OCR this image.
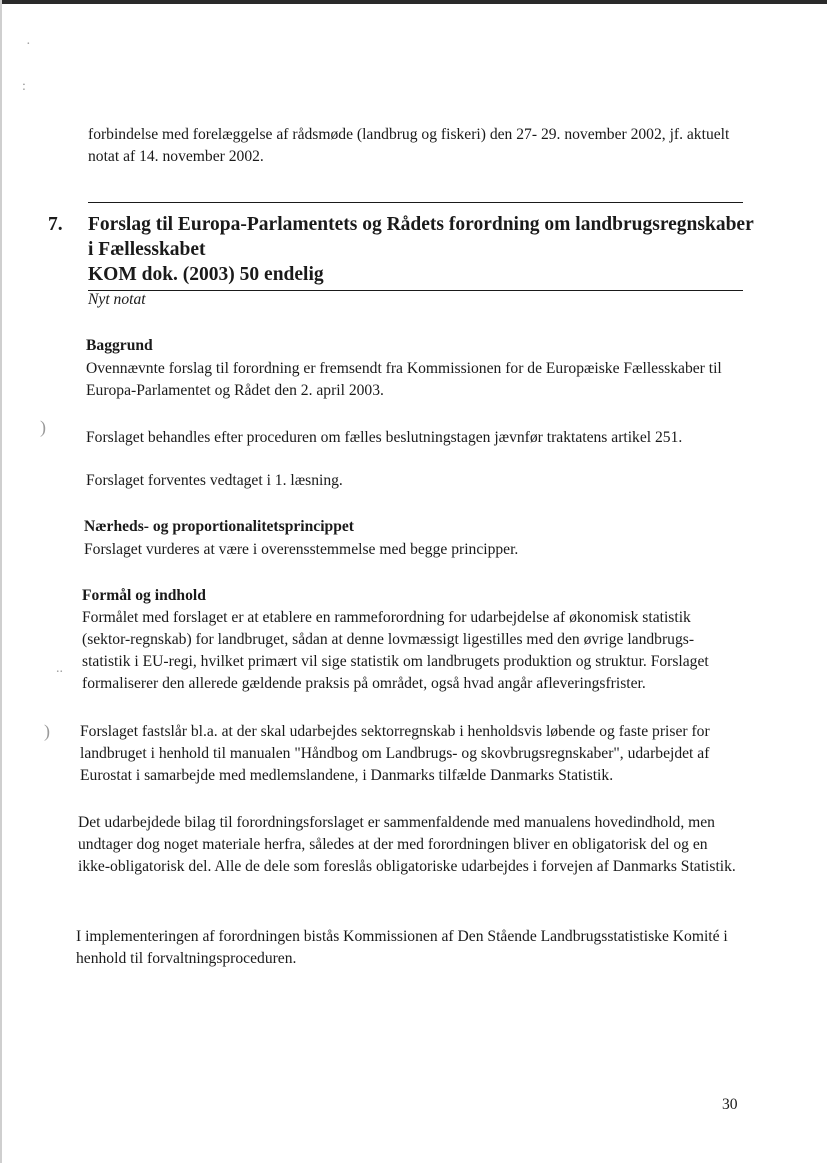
·
:
)
..
)

forbindelse med forelæggelse af rådsmøde (landbrug og fiskeri) den 27- 29. november 2002, jf. aktuelt notat af 14. november 2002.

7. Forslag til Europa-Parlamentets og Rådets forordning om landbrugsregnskaber
i Fællesskabet
KOM dok. (2003) 50 endelig
Nyt notat
Baggrund

Ovennævnte forslag til forordning er fremsendt fra Kommissionen for de Europæiske Fællesskaber til Europa-Parlamentet og Rådet den 2. april 2003.

Forslaget behandles efter proceduren om fælles beslutningstagen jævnfør traktatens artikel 251.

Forslaget forventes vedtaget i 1. læsning.

Nærheds- og proportionalitetsprincippet

Forslaget vurderes at være i overensstemmelse med begge principper.

Formål og indhold

Formålet med forslaget er at etablere en rammeforordning for udarbejdelse af økonomisk statistik (sektor-regnskab) for landbruget, sådan at denne lovmæssigt ligestilles med den øvrige landbrugs-statistik i EU-regi, hvilket primært vil sige statistik om landbrugets produktion og struktur. Forslaget formaliserer den allerede gældende praksis på området, også hvad angår afleveringsfrister.

Forslaget fastslår bl.a. at der skal udarbejdes sektorregnskab i henholdsvis løbende og faste priser for landbruget i henhold til manualen "Håndbog om Landbrugs- og skovbrugsregnskaber", udarbejdet af Eurostat i samarbejde med medlemslandene, i Danmarks tilfælde Danmarks Statistik.

Det udarbejdede bilag til forordningsforslaget er sammenfaldende med manualens hovedindhold, men undtager dog noget materiale herfra, således at der med forordningen bliver en obligatorisk del og en ikke-obligatorisk del. Alle de dele som foreslås obligatoriske udarbejdes i forvejen af Danmarks Statistik.

I implementeringen af forordningen bistås Kommissionen af Den Stående Landbrugsstatistiske Komité i henhold til forvaltningsproceduren.

30
